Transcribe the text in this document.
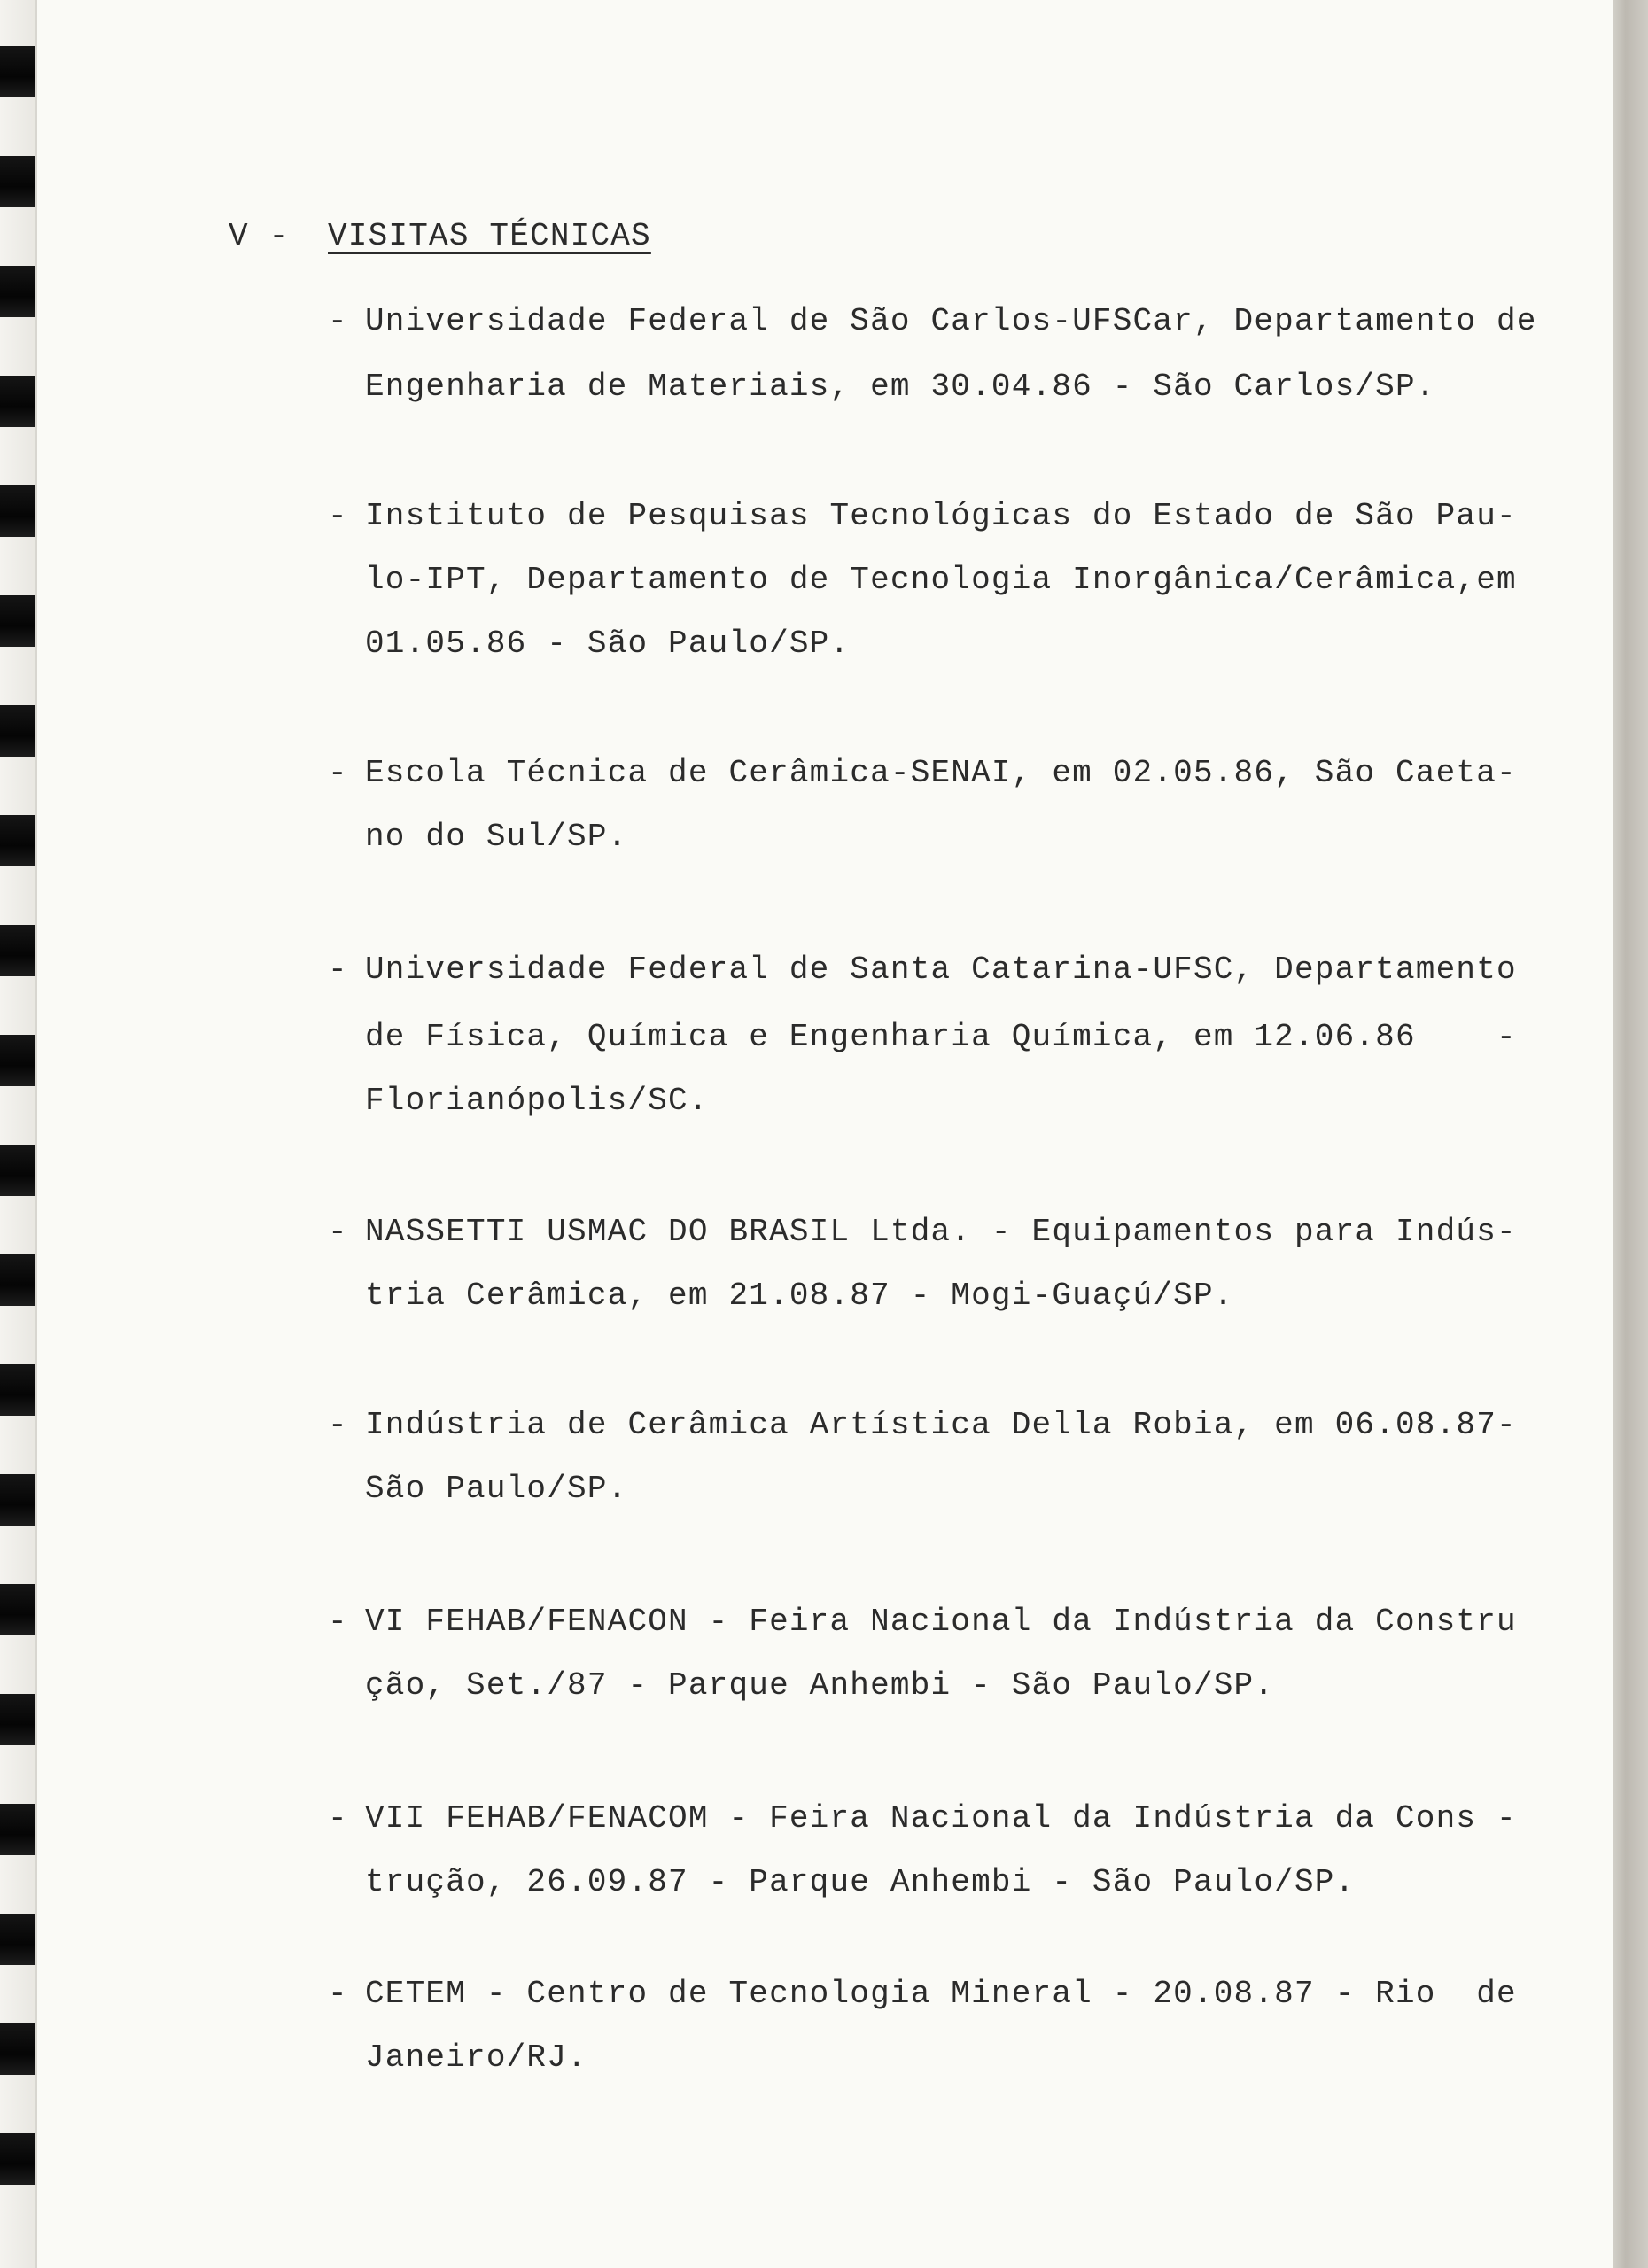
V - VISITAS TÉCNICAS
- Universidade Federal de São Carlos-UFSCar, Departamento de
Engenharia de Materiais, em 30.04.86 - São Carlos/SP.
- Instituto de Pesquisas Tecnológicas do Estado de São Pau-
lo-IPT, Departamento de Tecnologia Inorgânica/Cerâmica,em
01.05.86 - São Paulo/SP.
- Escola Técnica de Cerâmica-SENAI, em 02.05.86, São Caeta-
no do Sul/SP.
- Universidade Federal de Santa Catarina-UFSC, Departamento
de Física, Química e Engenharia Química, em 12.06.86    -
Florianópolis/SC.
- NASSETTI USMAC DO BRASIL Ltda. - Equipamentos para Indús-
tria Cerâmica, em 21.08.87 - Mogi-Guaçú/SP.
- Indústria de Cerâmica Artística Della Robia, em 06.08.87-
São Paulo/SP.
- VI FEHAB/FENACON - Feira Nacional da Indústria da Constru
ção, Set./87 - Parque Anhembi - São Paulo/SP.
- VII FEHAB/FENACOM - Feira Nacional da Indústria da Cons -
trução, 26.09.87 - Parque Anhembi - São Paulo/SP.
- CETEM - Centro de Tecnologia Mineral - 20.08.87 - Rio  de
Janeiro/RJ.
